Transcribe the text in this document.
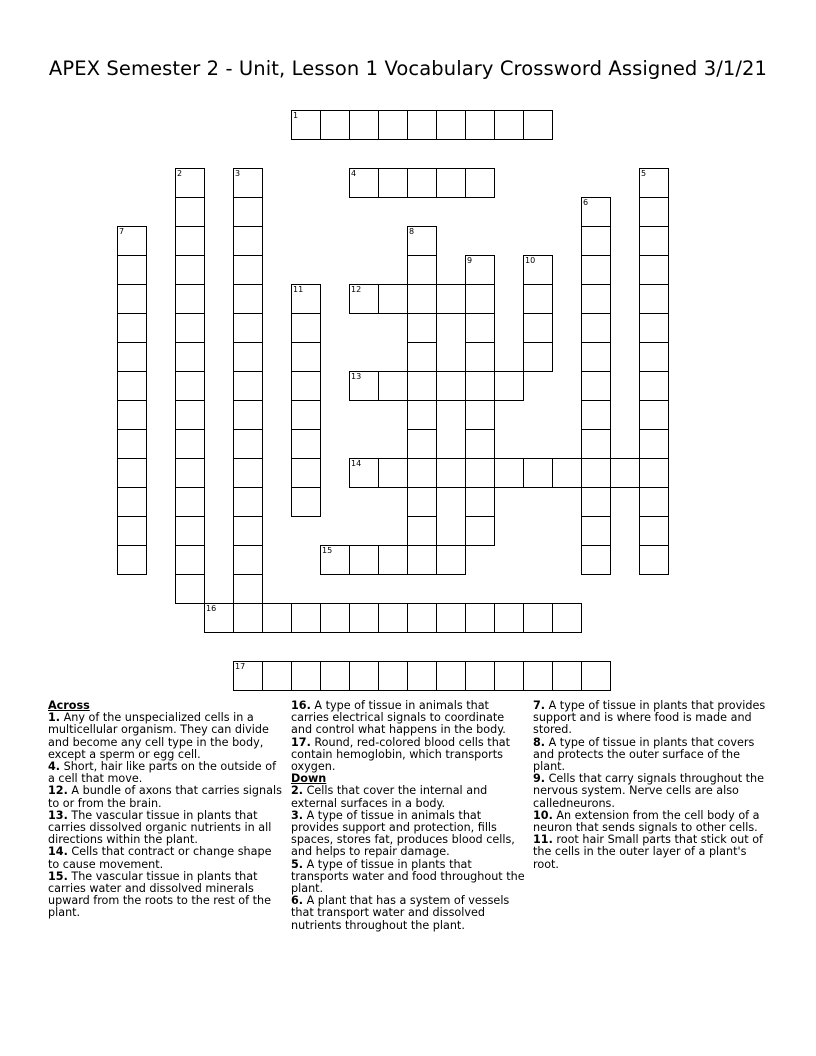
APEX Semester 2 - Unit, Lesson 1 Vocabulary Crossword Assigned 3/1/21
1
2	3	4	5
6
7	8
9	10
11	12
13
14
15
16
17

Across

1. Any of the unspecialized cells in a multicellular organism. They can divide and become any cell type in the body, except a sperm or egg cell.

4. Short, hair like parts on the outside of a cell that move.

12. A bundle of axons that carries signals to or from the brain.

13. The vascular tissue in plants that carries dissolved organic nutrients in all directions within the plant.

14. Cells that contract or change shape to cause movement.

15. The vascular tissue in plants that carries water and dissolved minerals upward from the roots to the rest of the plant.

16. A type of tissue in animals that carries electrical signals to coordinate and control what happens in the body.

17. Round, red-colored blood cells that contain hemoglobin, which transports oxygen.

Down

2. Cells that cover the internal and external surfaces in a body.

3. A type of tissue in animals that provides support and protection, fills spaces, stores fat, produces blood cells, and helps to repair damage.

5. A type of tissue in plants that transports water and food throughout the plant.

6. A plant that has a system of vessels that transport water and dissolved nutrients throughout the plant.

7. A type of tissue in plants that provides support and is where food is made and stored.

8. A type of tissue in plants that covers and protects the outer surface of the plant.

9. Cells that carry signals throughout the nervous system. Nerve cells are also calledneurons.

10. An extension from the cell body of a neuron that sends signals to other cells.

11. root hair Small parts that stick out of the cells in the outer layer of a plant's root.
